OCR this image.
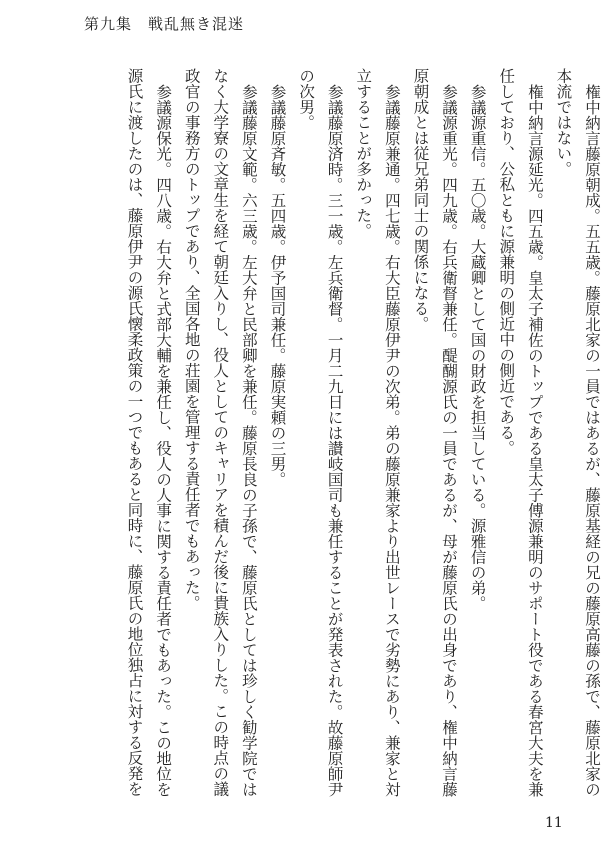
第九集　戦乱無き混迷

権中納言藤原朝成。五五歳。藤原北家の一員ではあるが、藤原基経の兄の藤原高藤の孫で、藤原北家の本流ではない。

権中納言源延光。四五歳。皇太子補佐のトップである皇太子傅源兼明のサポート役である春宮大夫を兼任しており、公私ともに源兼明の側近中の側近である。

参議源重信。五〇歳。大蔵卿として国の財政を担当している。源雅信の弟。

参議源重光。四九歳。右兵衛督兼任。醍醐源氏の一員であるが、母が藤原氏の出身であり、権中納言藤原朝成とは従兄弟同士の関係になる。

参議藤原兼通。四七歳。右大臣藤原伊尹の次弟。弟の藤原兼家より出世レースで劣勢にあり、兼家と対立することが多かった。

参議藤原済時。三一歳。左兵衛督。一月二九日には讃岐国司も兼任することが発表された。故藤原師尹の次男。

参議藤原斉敏。五四歳。伊予国司兼任。藤原実頼の三男。

参議藤原文範。六三歳。左大弁と民部卿を兼任。藤原長良の子孫で、藤原氏としては珍しく勧学院ではなく大学寮の文章生を経て朝廷入りし、役人としてのキャリアを積んだ後に貴族入りした。この時点の議政官の事務方のトップであり、全国各地の荘園を管理する責任者でもあった。

参議源保光。四八歳。右大弁と式部大輔を兼任し、役人の人事に関する責任者でもあった。この地位を源氏に渡したのは、藤原伊尹の源氏懐柔政策の一つでもあると同時に、藤原氏の地位独占に対する反発を

11
